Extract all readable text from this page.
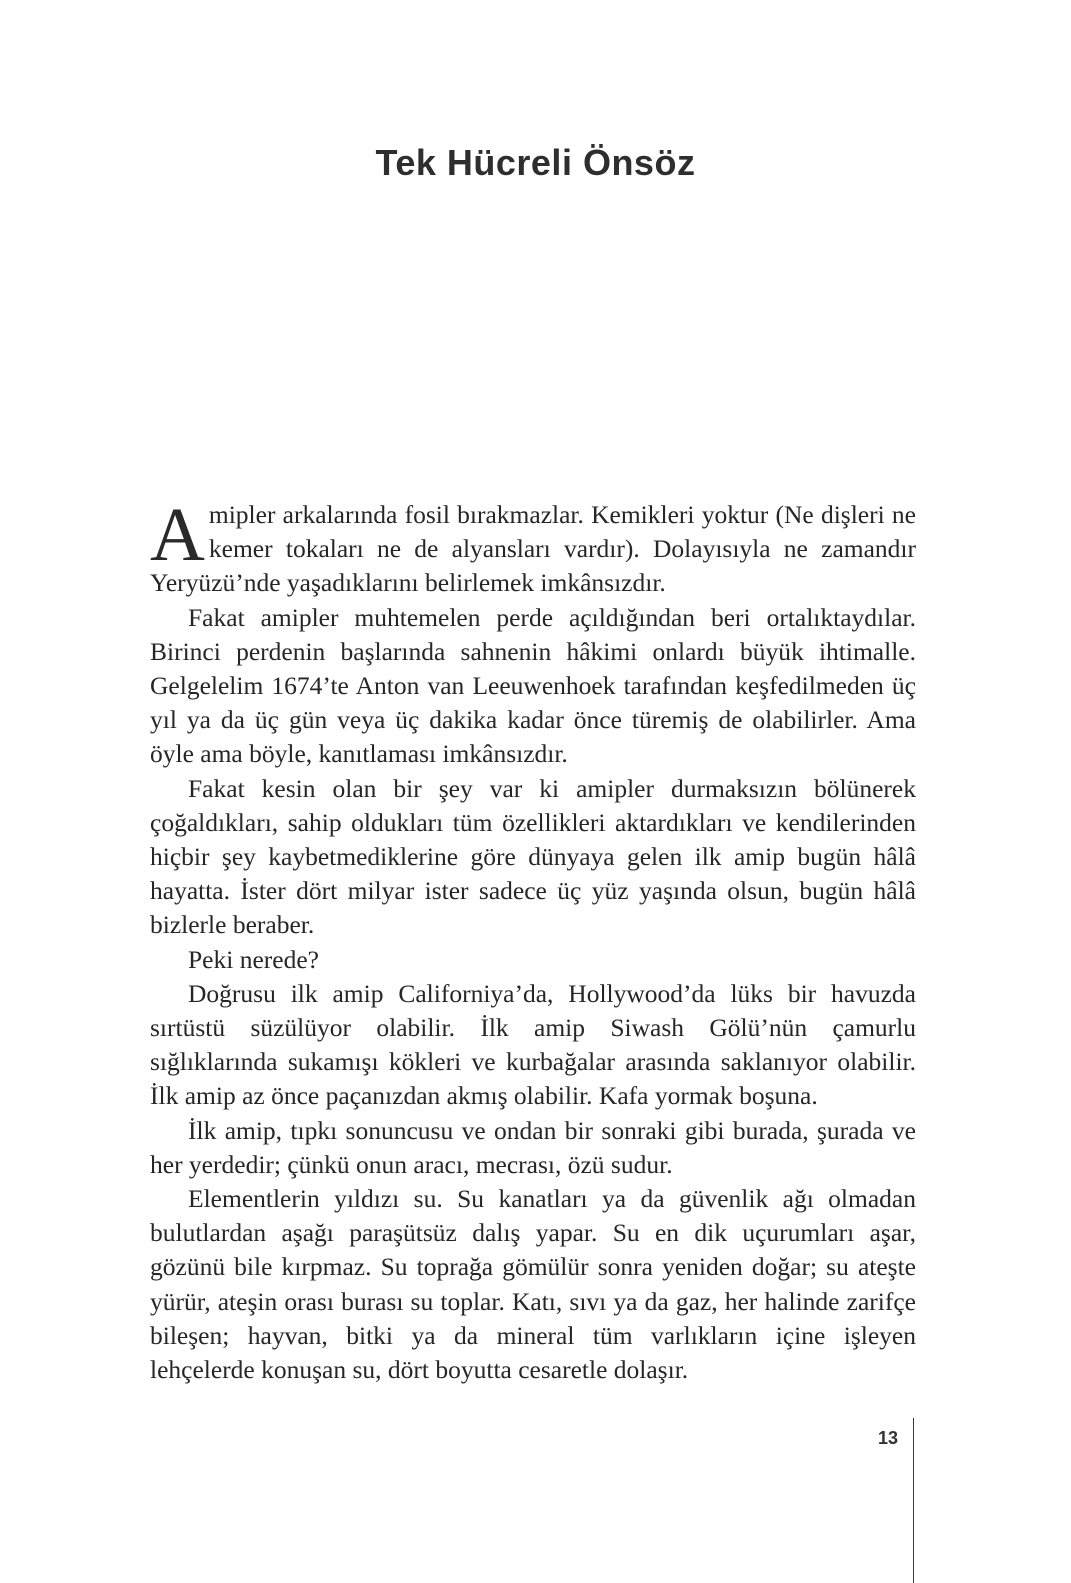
Tek Hücreli Önsöz

Amipler arkalarında fosil bırakmazlar. Kemikleri yoktur (Ne dişleri ne kemer tokaları ne de alyansları vardır). Dolayısıyla ne zamandır Yeryüzü’nde yaşadıklarını belirlemek imkânsızdır.

Fakat amipler muhtemelen perde açıldığından beri ortalıktaydılar. Birinci perdenin başlarında sahnenin hâkimi onlardı büyük ihtimalle. Gelgelelim 1674’te Anton van Leeuwenhoek tarafından keşfedilmeden üç yıl ya da üç gün veya üç dakika kadar önce türemiş de olabilirler. Ama öyle ama böyle, kanıtlaması imkânsızdır.

Fakat kesin olan bir şey var ki amipler durmaksızın bölünerek çoğaldıkları, sahip oldukları tüm özellikleri aktardıkları ve kendilerinden hiçbir şey kaybetmediklerine göre dünyaya gelen ilk amip bugün hâlâ hayatta. İster dört milyar ister sadece üç yüz yaşında olsun, bugün hâlâ bizlerle beraber.

Peki nerede?

Doğrusu ilk amip Californiya’da, Hollywood’da lüks bir havuzda sırtüstü süzülüyor olabilir. İlk amip Siwash Gölü’nün çamurlu sığlıklarında sukamışı kökleri ve kurbağalar arasında saklanıyor olabilir. İlk amip az önce paçanızdan akmış olabilir. Kafa yormak boşuna.

İlk amip, tıpkı sonuncusu ve ondan bir sonraki gibi burada, şurada ve her yerdedir; çünkü onun aracı, mecrası, özü sudur.

Elementlerin yıldızı su. Su kanatları ya da güvenlik ağı olmadan bulutlardan aşağı paraşütsüz dalış yapar. Su en dik uçurumları aşar, gözünü bile kırpmaz. Su toprağa gömülür sonra yeniden doğar; su ateşte yürür, ateşin orası burası su toplar. Katı, sıvı ya da gaz, her halinde zarifçe bileşen; hayvan, bitki ya da mineral tüm varlıkların içine işleyen lehçelerde konuşan su, dört boyutta cesaretle dolaşır.

13
